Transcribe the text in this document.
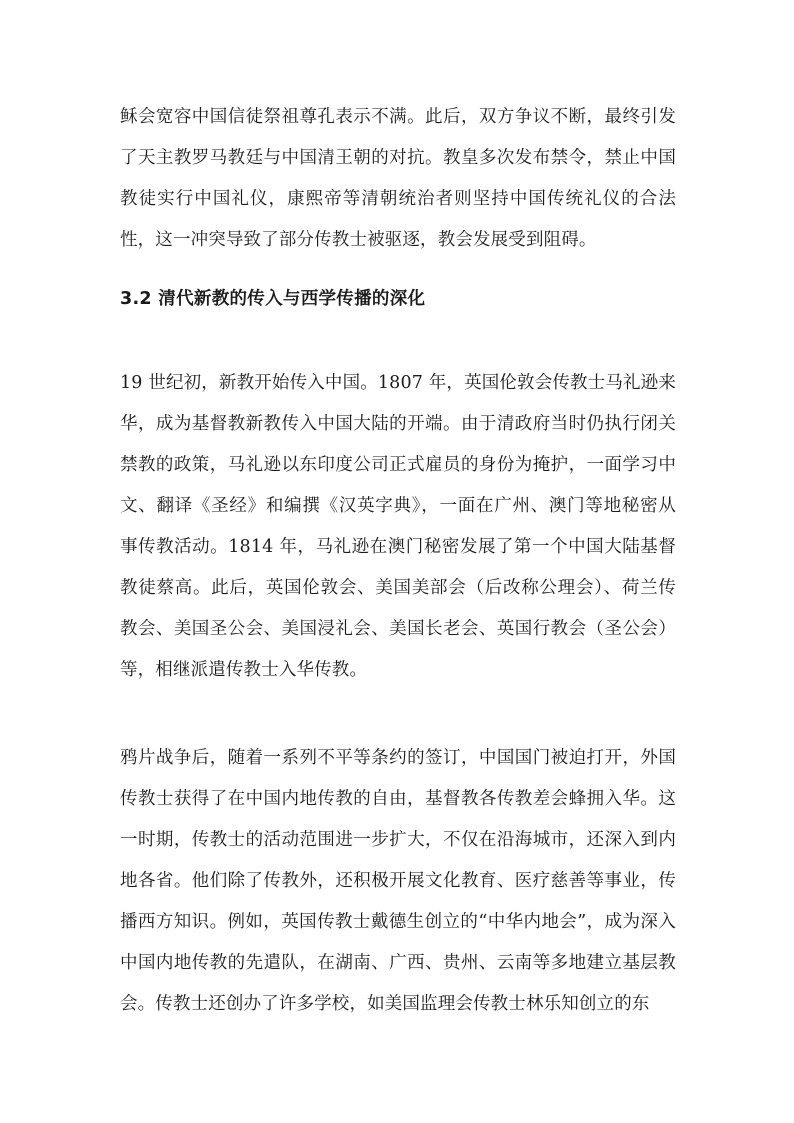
稣会宽容中国信徒祭祖尊孔表示不满。此后，双方争议不断，最终引发了天主教罗马教廷与中国清王朝的对抗。教皇多次发布禁令，禁止中国教徒实行中国礼仪，康熙帝等清朝统治者则坚持中国传统礼仪的合法性，这一冲突导致了部分传教士被驱逐，教会发展受到阻碍。

3.2 清代新教的传入与西学传播的深化

19 世纪初，新教开始传入中国。1807 年，英国伦敦会传教士马礼逊来华，成为基督教新教传入中国大陆的开端。由于清政府当时仍执行闭关禁教的政策，马礼逊以东印度公司正式雇员的身份为掩护，一面学习中文、翻译《圣经》和编撰《汉英字典》，一面在广州、澳门等地秘密从事传教活动。1814 年，马礼逊在澳门秘密发展了第一个中国大陆基督教徒蔡高。此后，英国伦敦会、美国美部会（后改称公理会）、荷兰传教会、美国圣公会、美国浸礼会、美国长老会、英国行教会（圣公会）等，相继派遣传教士入华传教。

鸦片战争后，随着一系列不平等条约的签订，中国国门被迫打开，外国传教士获得了在中国内地传教的自由，基督教各传教差会蜂拥入华。这一时期，传教士的活动范围进一步扩大，不仅在沿海城市，还深入到内地各省。他们除了传教外，还积极开展文化教育、医疗慈善等事业，传播西方知识。例如，英国传教士戴德生创立的“中华内地会”，成为深入中国内地传教的先遣队，在湖南、广西、贵州、云南等多地建立基层教会。传教士还创办了许多学校，如美国监理会传教士林乐知创立的东
